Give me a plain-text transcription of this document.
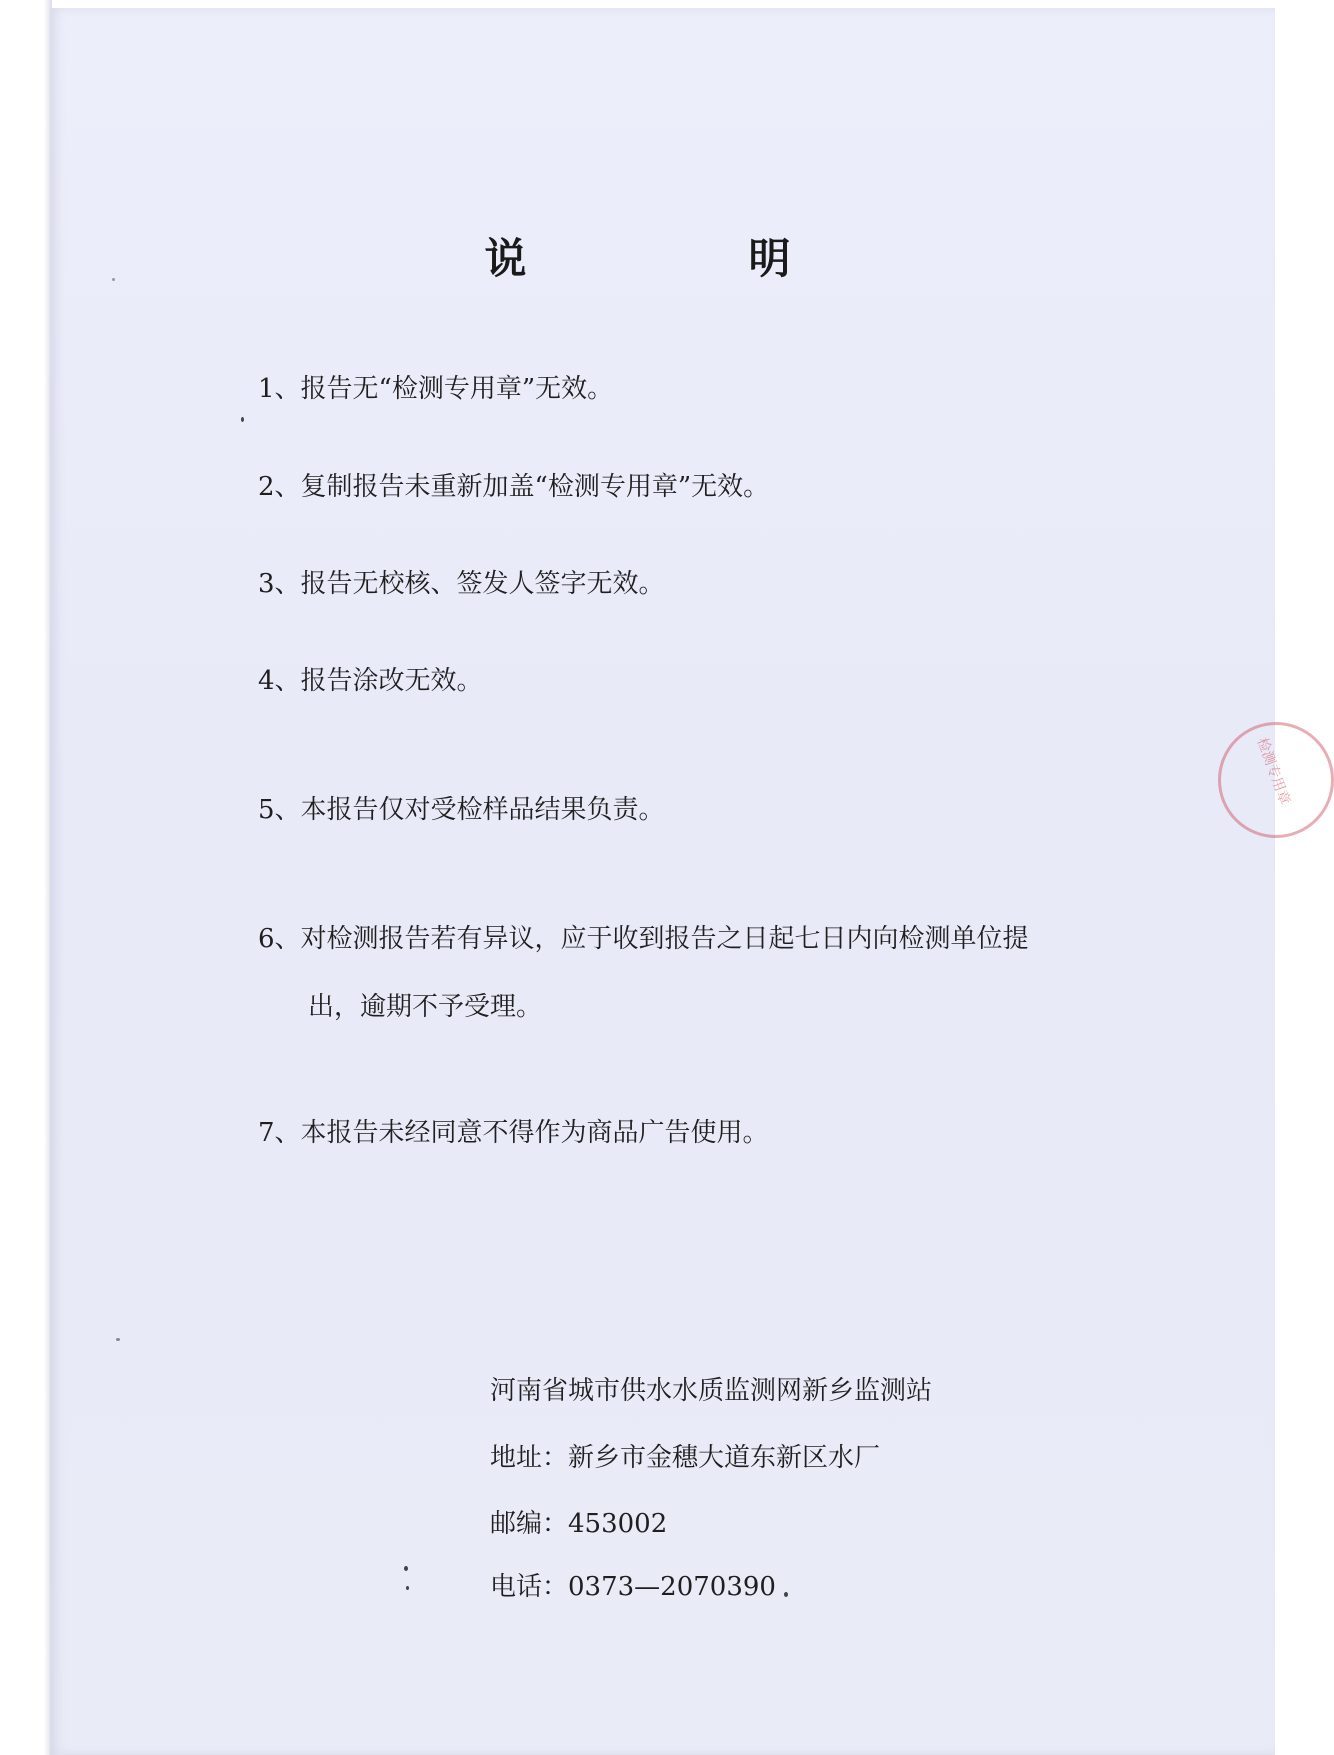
说　明
1、报告无“检测专用章”无效。
2、复制报告未重新加盖“检测专用章”无效。
3、报告无校核、签发人签字无效。
4、报告涂改无效。
5、本报告仅对受检样品结果负责。
6、对检测报告若有异议，应于收到报告之日起七日内向检测单位提
出，逾期不予受理。
7、本报告未经同意不得作为商品广告使用。
河南省城市供水水质监测网新乡监测站
地址：新乡市金穗大道东新区水厂
邮编：453002
电话：0373—2070390
检测专用章
